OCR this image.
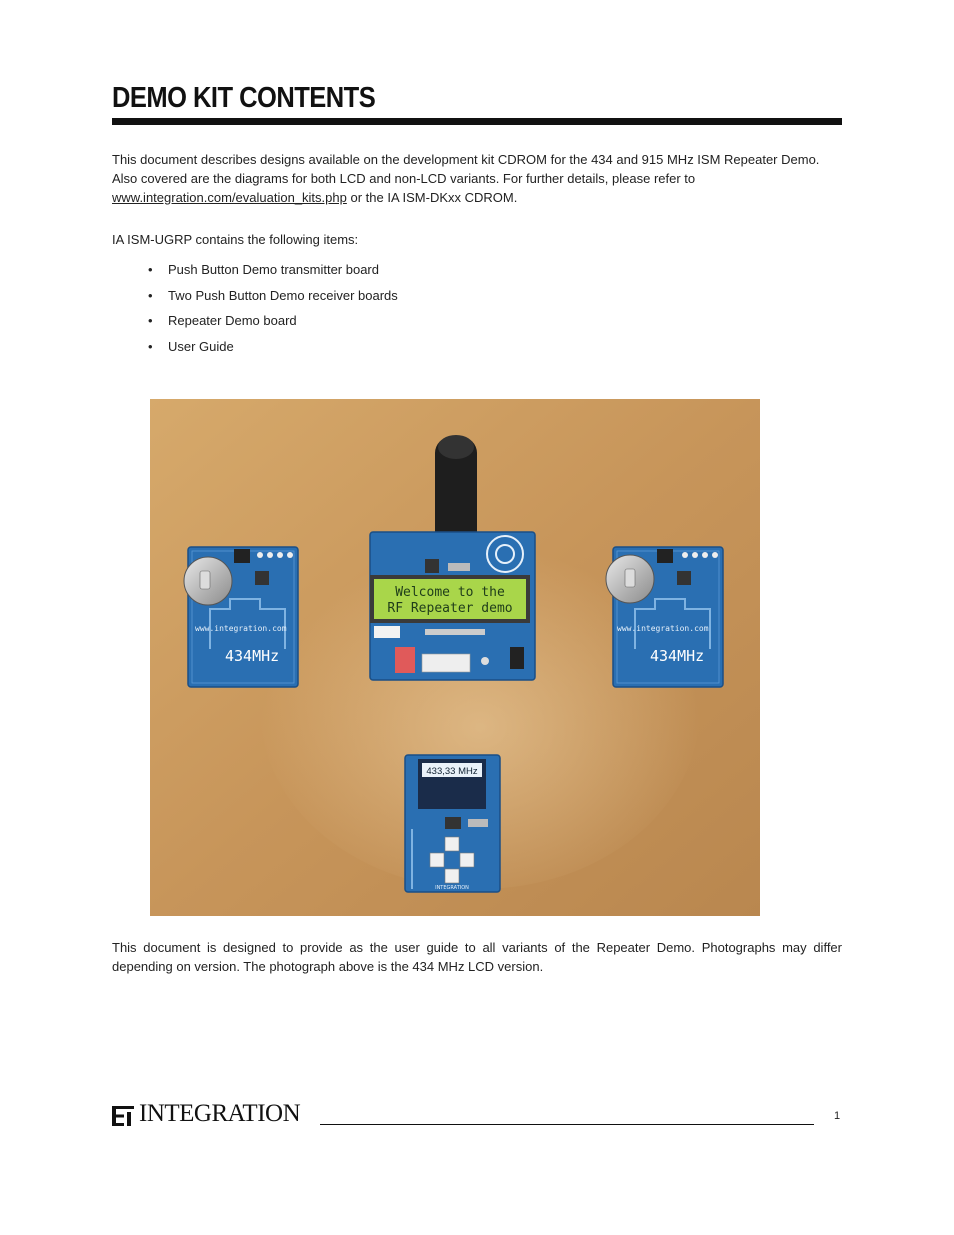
DEMO KIT CONTENTS

This document describes designs available on the development kit CDROM for the 434 and 915 MHz ISM Repeater Demo. Also covered are the diagrams for both LCD and non-LCD variants. For further details, please refer to www.integration.com/evaluation_kits.php or the IA ISM-DKxx CDROM.

IA ISM-UGRP contains the following items:

• Push Button Demo transmitter board
• Two Push Button Demo receiver boards
• Repeater Demo board
• User Guide
www.integration.com
434MHz
www.integration.com
434MHz
Welcome to the
RF Repeater demo
433,33 MHz
INTEGRATION

This document is designed to provide as the user guide to all variants of the Repeater Demo. Photographs may differ depending on version. The photograph above is the 434 MHz LCD version.

INTEGRATION	1
